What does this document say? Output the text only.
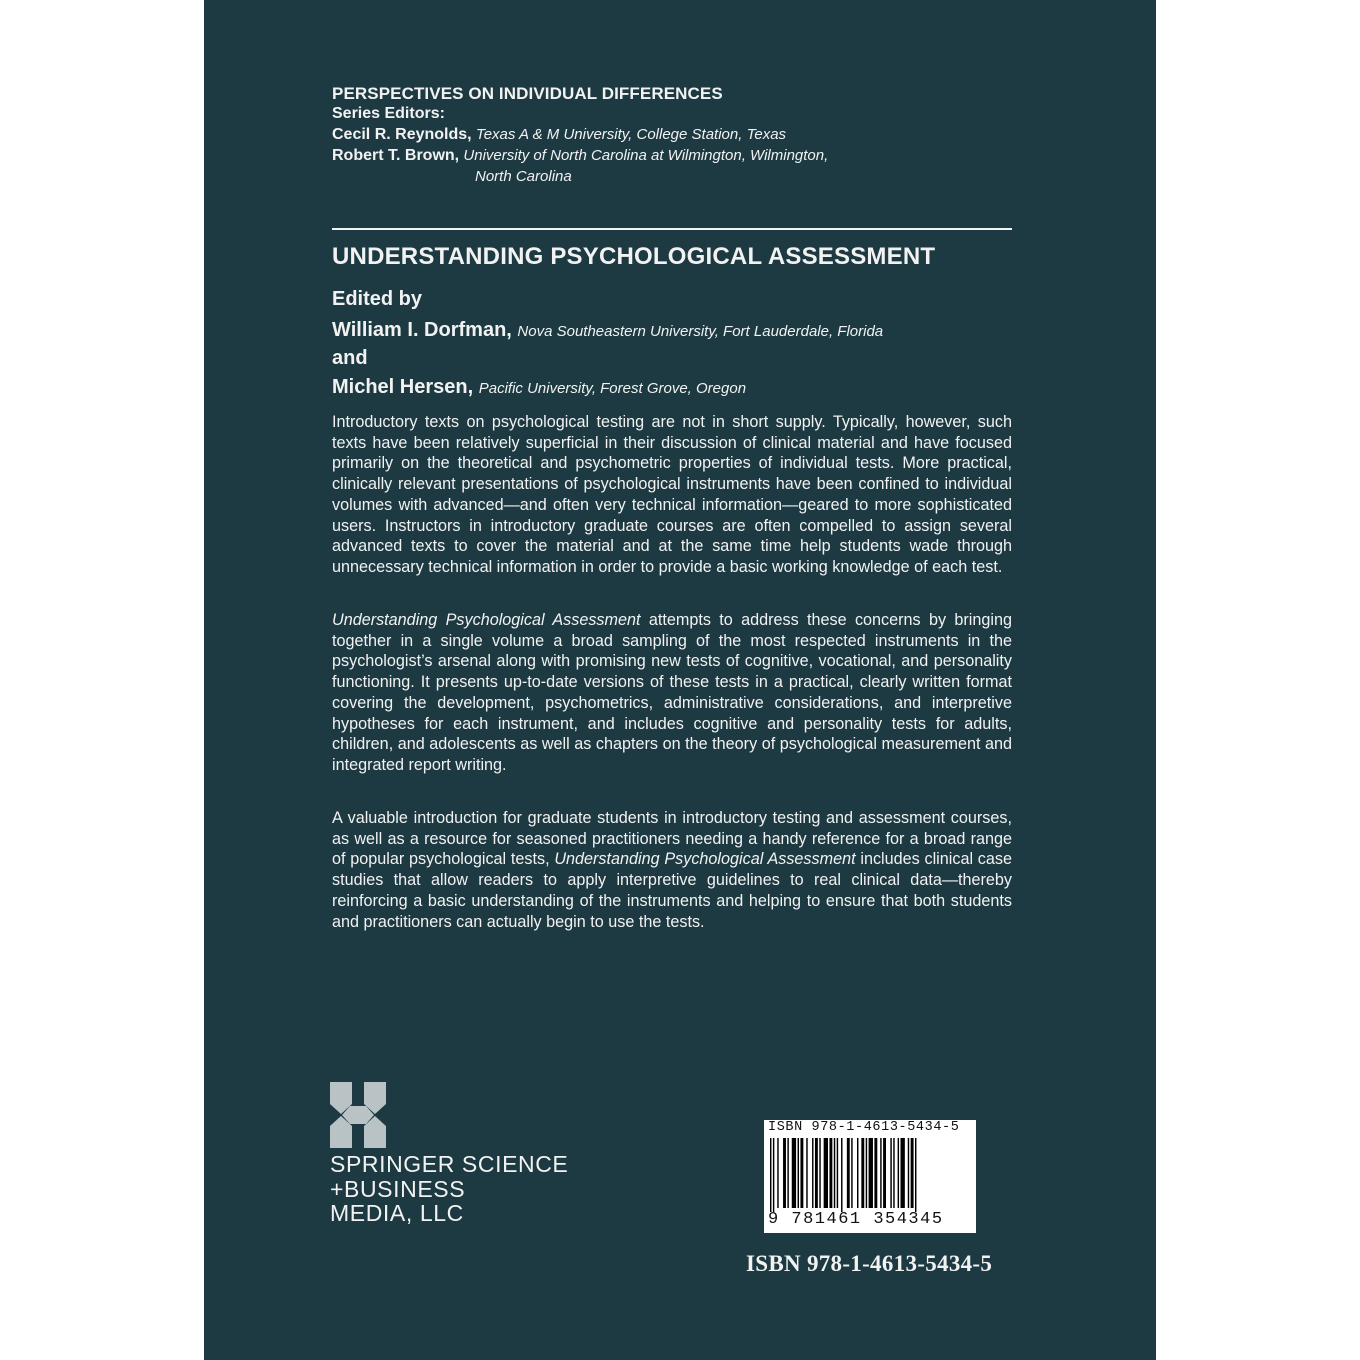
PERSPECTIVES ON INDIVIDUAL DIFFERENCES
Series Editors:
Cecil R. Reynolds, Texas A & M University, College Station, Texas
Robert T. Brown, University of North Carolina at Wilmington, Wilmington,
North Carolina
UNDERSTANDING PSYCHOLOGICAL ASSESSMENT
Edited by
William I. Dorfman, Nova Southeastern University, Fort Lauderdale, Florida
and
Michel Hersen, Pacific University, Forest Grove, Oregon

Introductory texts on psychological testing are not in short supply. Typically, however, such texts have been relatively superficial in their discussion of clinical material and have focused primarily on the theoretical and psychometric properties of individual tests. More practical, clinically relevant presentations of psychological instruments have been confined to individual volumes with advanced—and often very technical information—geared to more sophisticated users. Instructors in introductory graduate courses are often compelled to assign several advanced texts to cover the material and at the same time help students wade through unnecessary technical information in order to provide a basic working knowledge of each test.

Understanding Psychological Assessment attempts to address these concerns by bringing together in a single volume a broad sampling of the most respected instruments in the psychologist’s arsenal along with promising new tests of cognitive, vocational, and personality functioning. It presents up-to-date versions of these tests in a practical, clearly written format covering the development, psychometrics, administrative considerations, and interpretive hypotheses for each instrument, and includes cognitive and personality tests for adults, children, and adolescents as well as chapters on the theory of psychological measurement and integrated report writing.

A valuable introduction for graduate students in introductory testing and assessment courses, as well as a resource for seasoned practitioners needing a handy reference for a broad range of popular psychological tests, Understanding Psychological Assessment includes clinical case studies that allow readers to apply interpretive guidelines to real clinical data—thereby reinforcing a basic understanding of the instruments and helping to ensure that both students and practitioners can actually begin to use the tests.

SPRINGER SCIENCE
+BUSINESS
MEDIA, LLC
ISBN 978-1-4613-5434-5
9 781461 354345
ISBN 978-1-4613-5434-5
